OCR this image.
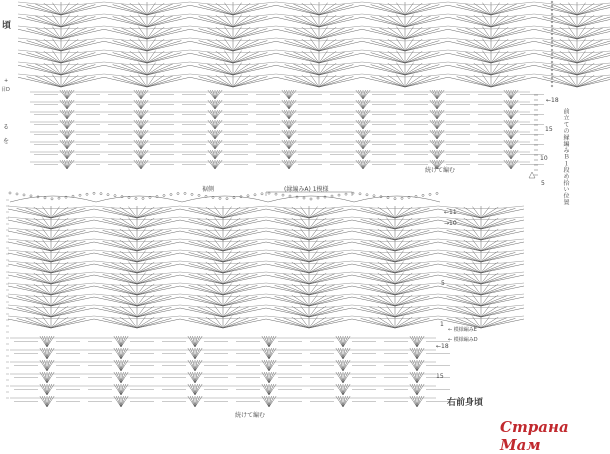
頃
+
目D
る
を
続けて編む
←18
15
10
5	前立ての縁編みＢ１段め拾い位置
裾側	(縁編みA) 1模様
←11
→10
5
1
← 模様編みE
← 模様編みD
←18
15
続けて編む
右前身頃
Страна Мам
